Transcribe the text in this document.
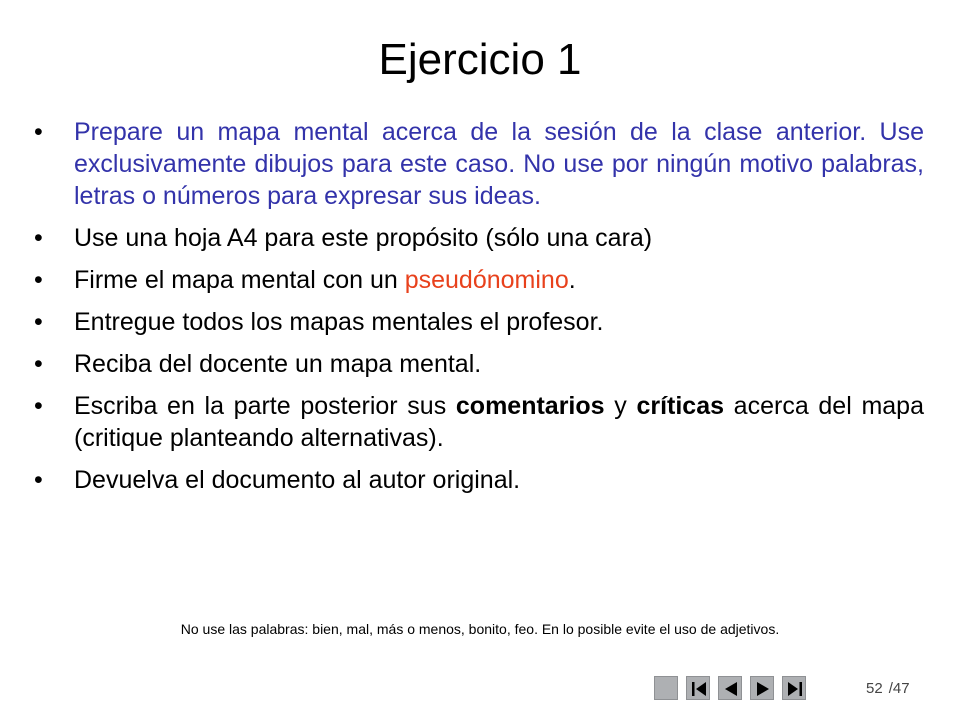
Ejercicio 1
•	Prepare un mapa mental acerca de la sesión de la clase anterior. Use exclusivamente dibujos para este caso. No use por ningún motivo palabras, letras o números para expresar sus ideas.
•	Use una hoja A4 para este propósito (sólo una cara)
•	Firme el mapa mental con un pseudónomino.
•	Entregue todos los mapas mentales el profesor.
•	Reciba del docente un mapa mental.
•	Escriba en la parte posterior sus comentarios y críticas acerca del mapa (critique planteando alternativas).
•	Devuelva el documento al autor original.
No use las palabras: bien, mal, más o menos, bonito, feo. En lo posible evite el uso de adjetivos.
52 /47
